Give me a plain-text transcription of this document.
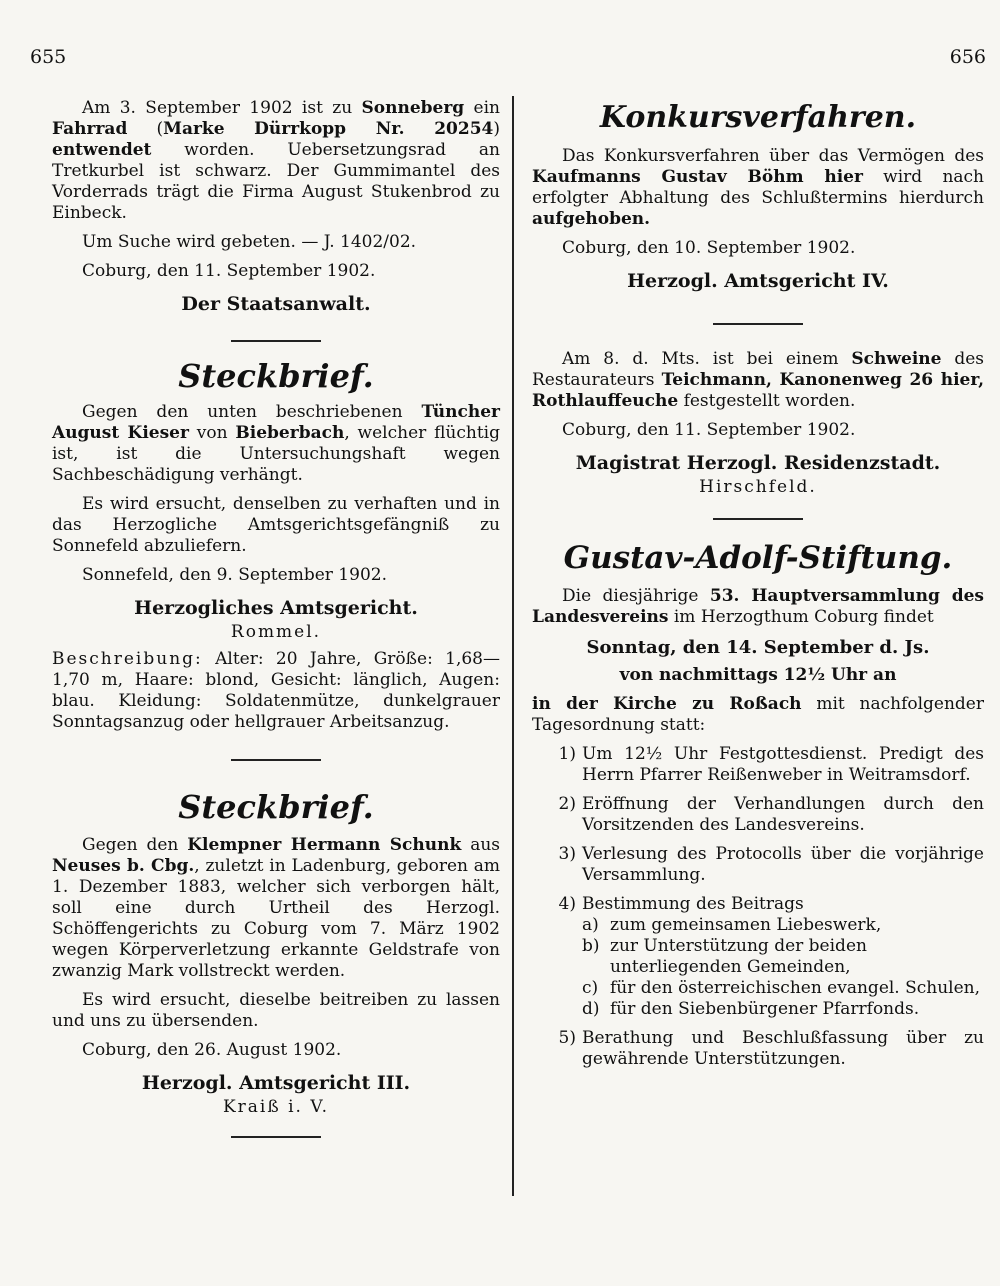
655	656

Am 3. September 1902 ist zu Sonneberg ein Fahrrad (Marke Dürrkopp Nr. 20254) entwendet worden. Uebersetzungsrad an Tretkurbel ist schwarz. Der Gummimantel des Vorderrads trägt die Firma August Stukenbrod zu Einbeck.

Um Suche wird gebeten. — J. 1402/02.

Coburg, den 11. September 1902.
Der Staatsanwalt.
Steckbrief.

Gegen den unten beschriebenen Tüncher August Kieser von Bieberbach, welcher flüchtig ist, ist die Untersuchungshaft wegen Sachbeschädigung verhängt.

Es wird ersucht, denselben zu verhaften und in das Herzogliche Amtsgerichtsgefängniß zu Sonnefeld abzuliefern.

Sonnefeld, den 9. September 1902.
Herzogliches Amtsgericht.
Rommel.

Beschreibung: Alter: 20 Jahre, Größe: 1,68—1,70 m, Haare: blond, Gesicht: länglich, Augen: blau. Kleidung: Soldatenmütze, dunkelgrauer Sonntagsanzug oder hellgrauer Arbeitsanzug.

Steckbrief.

Gegen den Klempner Hermann Schunk aus Neuses b. Cbg., zuletzt in Ladenburg, geboren am 1. Dezember 1883, welcher sich verborgen hält, soll eine durch Urtheil des Herzogl. Schöffengerichts zu Coburg vom 7. März 1902 wegen Körperverletzung erkannte Geldstrafe von zwanzig Mark vollstreckt werden.

Es wird ersucht, dieselbe beitreiben zu lassen und uns zu übersenden.

Coburg, den 26. August 1902.
Herzogl. Amtsgericht III.
Kraiß i. V.
Konkursverfahren.

Das Konkursverfahren über das Vermögen des Kaufmanns Gustav Böhm hier wird nach erfolgter Abhaltung des Schlußtermins hierdurch aufgehoben.

Coburg, den 10. September 1902.
Herzogl. Amtsgericht IV.

Am 8. d. Mts. ist bei einem Schweine des Restaurateurs Teichmann, Kanonenweg 26 hier, Rothlauffeuche festgestellt worden.

Coburg, den 11. September 1902.
Magistrat Herzogl. Residenzstadt.
Hirschfeld.
Gustav-Adolf-Stiftung.

Die diesjährige 53. Hauptversammlung des Landesvereins im Herzogthum Coburg findet

Sonntag, den 14. September d. Js.
von nachmittags 12½ Uhr an

in der Kirche zu Roßach mit nachfolgender Tagesordnung statt:

1) Um 12½ Uhr Festgottesdienst. Predigt des Herrn Pfarrer Reißenweber in Weitramsdorf.
2) Eröffnung der Verhandlungen durch den Vorsitzenden des Landesvereins.
3) Verlesung des Protocolls über die vorjährige Versammlung.
4) Bestimmung des Beitrags
a) zum gemeinsamen Liebeswerk,
b) zur Unterstützung der beiden unterliegenden Gemeinden,
c) für den österreichischen evangel. Schulen,
d) für den Siebenbürgener Pfarrfonds.
5) Berathung und Beschlußfassung über zu gewährende Unterstützungen.
